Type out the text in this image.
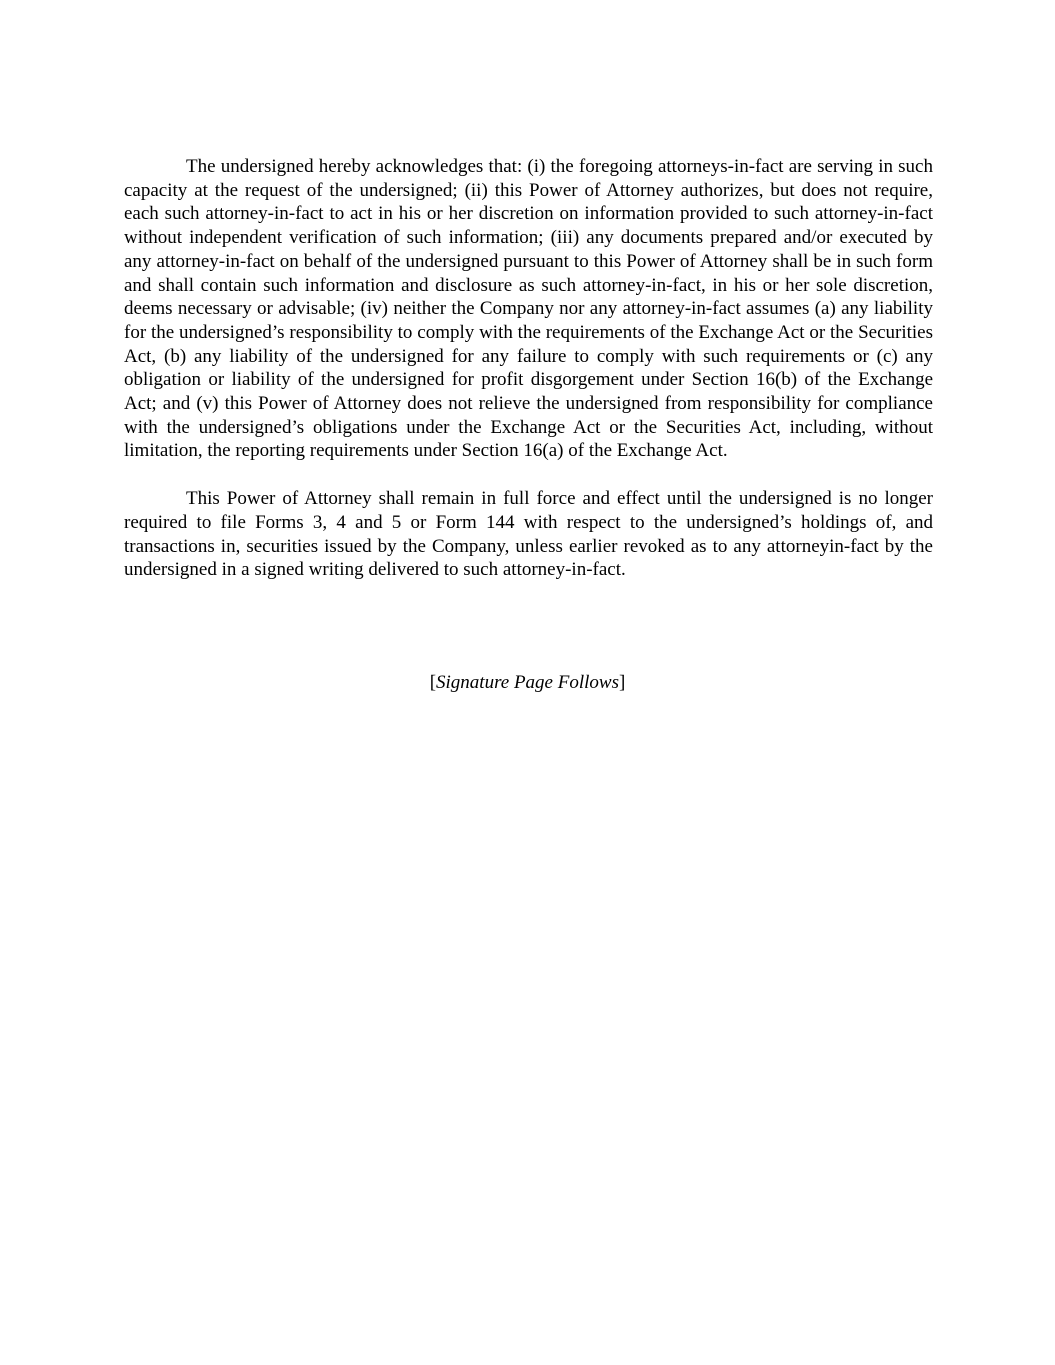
The undersigned hereby acknowledges that: (i) the foregoing attorneys-in-fact are serving in such capacity at the request of the undersigned; (ii) this Power of Attorney authorizes, but does not require, each such attorney-in-fact to act in his or her discretion on information provided to such attorney-in-fact without independent verification of such information; (iii) any documents prepared and/or executed by any attorney-in-fact on behalf of the undersigned pursuant to this Power of Attorney shall be in such form and shall contain such information and disclosure as such attorney-in-fact, in his or her sole discretion, deems necessary or advisable; (iv) neither the Company nor any attorney-in-fact assumes (a) any liability for the undersigned’s responsibility to comply with the requirements of the Exchange Act or the Securities Act, (b) any liability of the undersigned for any failure to comply with such requirements or (c) any obligation or liability of the undersigned for profit disgorgement under Section 16(b) of the Exchange Act; and (v) this Power of Attorney does not relieve the undersigned from responsibility for compliance with the undersigned’s obligations under the Exchange Act or the Securities Act, including, without limitation, the reporting requirements under Section 16(a) of the Exchange Act.

This Power of Attorney shall remain in full force and effect until the undersigned is no longer required to file Forms 3, 4 and 5 or Form 144 with respect to the undersigned’s holdings of, and transactions in, securities issued by the Company, unless earlier revoked as to any attorneyin-fact by the undersigned in a signed writing delivered to such attorney-in-fact.

[Signature Page Follows]
